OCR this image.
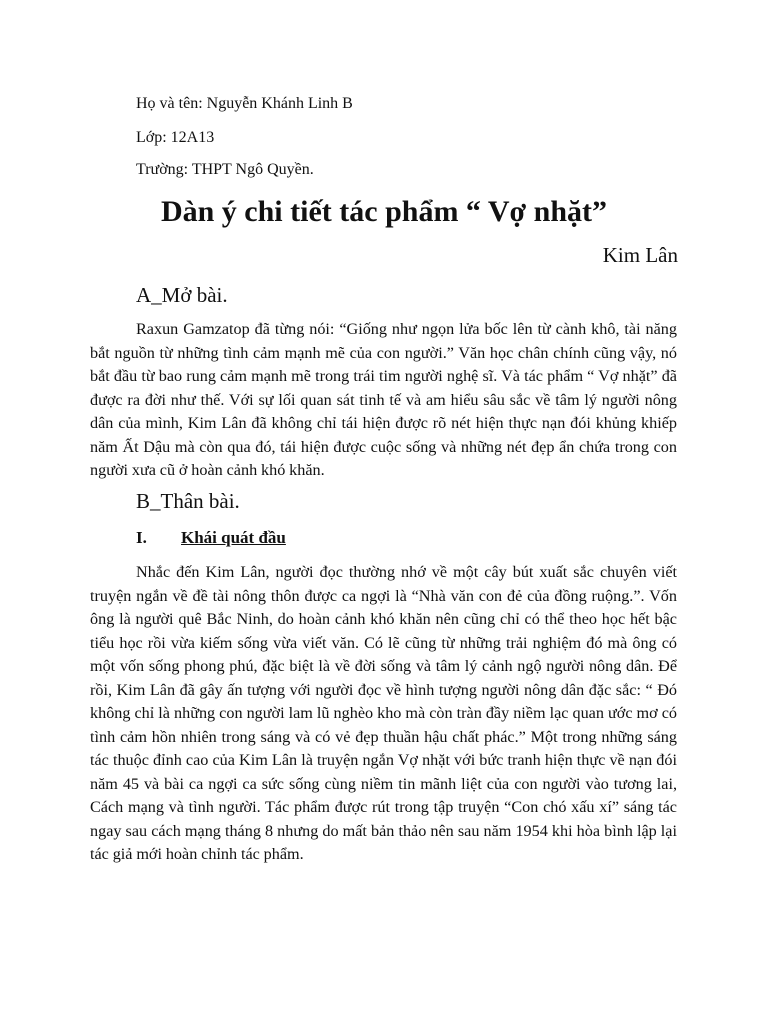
Họ và tên: Nguyễn Khánh Linh B
Lớp: 12A13
Trường: THPT Ngô Quyền.
Dàn ý chi tiết tác phẩm “ Vợ nhặt”
Kim Lân
A_Mở bài.

Raxun Gamzatop đã từng nói: “Giống như ngọn lửa bốc lên từ cành khô, tài năng bắt nguồn từ những tình cảm mạnh mẽ của con người.” Văn học chân chính cũng vậy, nó bắt đầu từ bao rung cảm mạnh mẽ trong trái tim người nghệ sĩ. Và tác phẩm “ Vợ nhặt” đã được ra đời như thế. Với sự lối quan sát tinh tế và am hiểu sâu sắc về tâm lý người nông dân của mình, Kim Lân đã không chỉ tái hiện được rõ nét hiện thực nạn đói khủng khiếp năm Ất Dậu mà còn qua đó, tái hiện được cuộc sống và những nét đẹp ẩn chứa trong con người xưa cũ ở hoàn cảnh khó khăn.

B_Thân bài.
I. Khái quát đầu

Nhắc đến Kim Lân, người đọc thường nhớ về một cây bút xuất sắc chuyên viết truyện ngắn về đề tài nông thôn được ca ngợi là “Nhà văn con đẻ của đồng ruộng.”. Vốn ông là người quê Bắc Ninh, do hoàn cảnh khó khăn nên cũng chỉ có thể theo học hết bậc tiểu học rồi vừa kiếm sống vừa viết văn. Có lẽ cũng từ những trải nghiệm đó mà ông có một vốn sống phong phú, đặc biệt là về đời sống và tâm lý cảnh ngộ người nông dân. Để rồi, Kim Lân đã gây ấn tượng với người đọc về hình tượng người nông dân đặc sắc: “ Đó không chỉ là những con người lam lũ nghèo kho mà còn tràn đầy niềm lạc quan ước mơ có tình cảm hồn nhiên trong sáng và có vẻ đẹp thuần hậu chất phác.” Một trong những sáng tác thuộc đỉnh cao của Kim Lân là truyện ngắn Vợ nhặt với bức tranh hiện thực về nạn đói năm 45 và bài ca ngợi ca sức sống cùng niềm tin mãnh liệt của con người vào tương lai, Cách mạng và tình người. Tác phẩm được rút trong tập truyện “Con chó xấu xí” sáng tác ngay sau cách mạng tháng 8 nhưng do mất bản thảo nên sau năm 1954 khi hòa bình lập lại tác giả mới hoàn chỉnh tác phẩm.
